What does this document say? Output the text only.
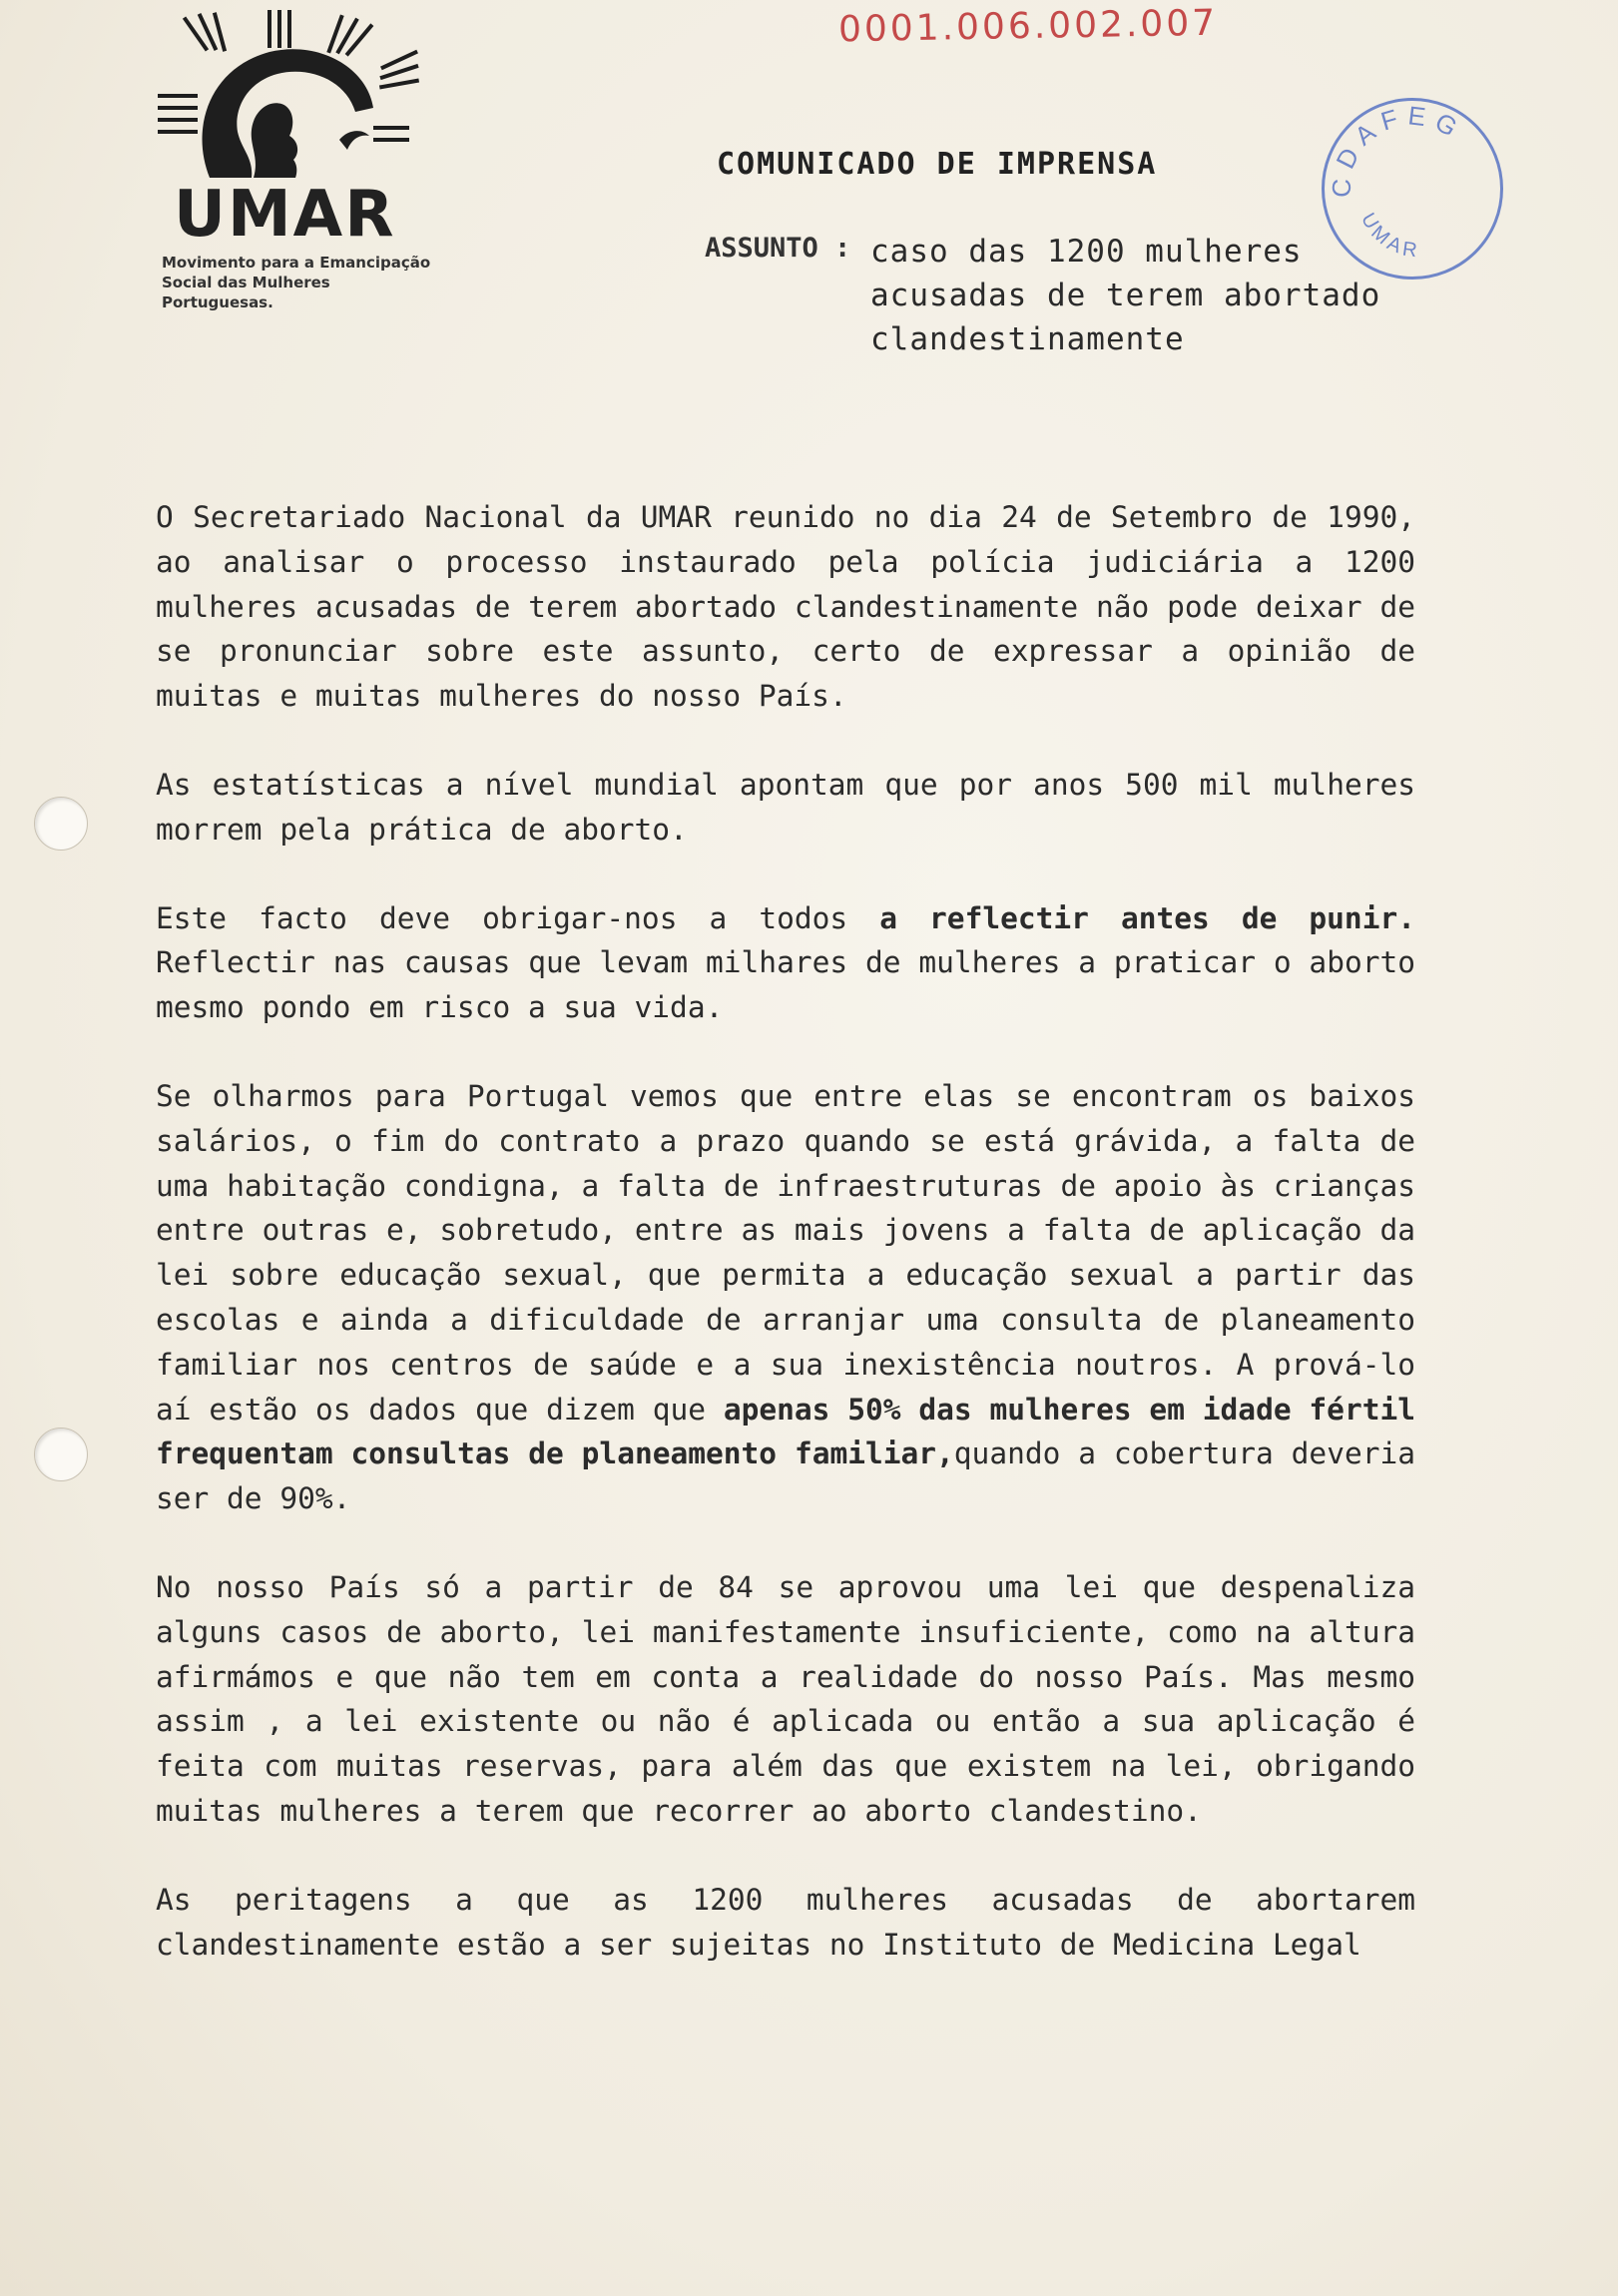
0001.006.002.007
UMAR
Movimento para a Emancipação Social das Mulheres Portuguesas.
CDAFEG
UMAR
COMUNICADO DE IMPRENSA
ASSUNTO : caso das 1200 mulheres acusadas de terem abortado clandestinamente

O Secretariado Nacional da UMAR reunido no dia 24 de Setembro de 1990, ao analisar o processo instaurado pela polícia judiciária a 1200 mulheres acusadas de terem abortado clandestinamente não pode deixar de se pronunciar sobre este assunto, certo de expressar a opinião de muitas e muitas mulheres do nosso País.

As estatísticas a nível mundial apontam que por anos 500 mil mulheres morrem pela prática de aborto.

Este facto deve obrigar-nos a todos a reflectir antes de punir. Reflectir nas causas que levam milhares de mulheres a praticar o aborto mesmo pondo em risco a sua vida.

Se olharmos para Portugal vemos que entre elas se encontram os baixos salários, o fim do contrato a prazo quando se está grávida, a falta de uma habitação condigna, a falta de infraestruturas de apoio às crianças entre outras e, sobretudo, entre as mais jovens a falta de aplicação da lei sobre educação sexual, que permita a educação sexual a partir das escolas e ainda a dificuldade de arranjar uma consulta de planeamento familiar nos centros de saúde e a sua inexistência noutros. A prová-lo aí estão os dados que dizem que apenas 50% das mulheres em idade fértil frequentam consultas de planeamento familiar,quando a cobertura deveria ser de 90%.

No nosso País só a partir de 84 se aprovou uma lei que despenaliza alguns casos de aborto, lei manifestamente insuficiente, como na altura afirmámos e que não tem em conta a realidade do nosso País. Mas mesmo assim , a lei existente ou não é aplicada ou então a sua aplicação é feita com muitas reservas, para além das que existem na lei, obrigando muitas mulheres a terem que recorrer ao aborto clandestino.

As peritagens a que as 1200 mulheres acusadas de abortarem clandestinamente estão a ser sujeitas no Instituto de Medicina Legal
